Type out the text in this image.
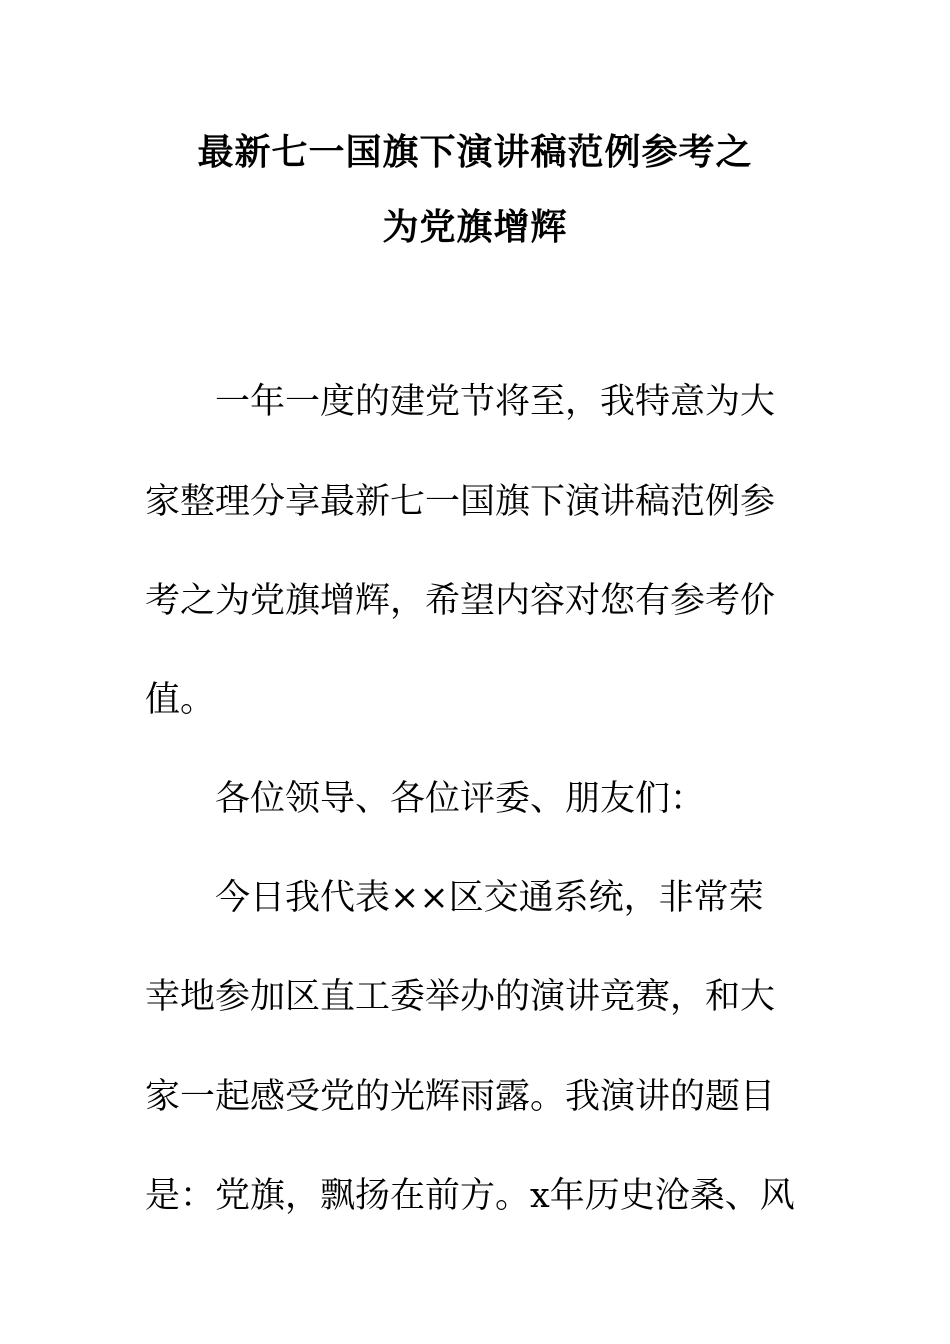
最新七一国旗下演讲稿范例参考之
为党旗增辉
一年一度的建党节将至，我特意为大
家整理分享最新七一国旗下演讲稿范例参
考之为党旗增辉，希望内容对您有参考价
值。
各位领导、各位评委、朋友们：
今日我代表××区交通系统，非常荣
幸地参加区直工委举办的演讲竞赛，和大
家一起感受党的光辉雨露。我演讲的题目
是：党旗，飘扬在前方。x年历史沧桑、风
